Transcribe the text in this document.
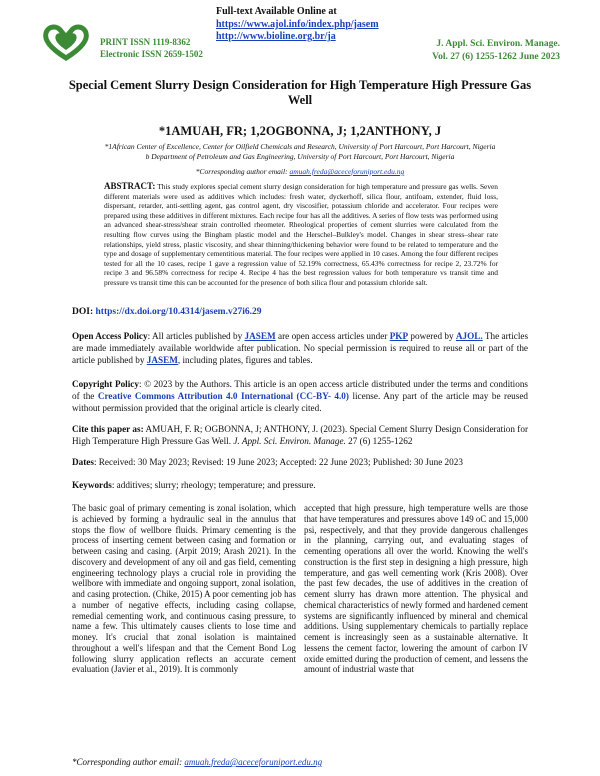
PRINT ISSN 1119-8362
Electronic ISSN 2659-1502
Full-text Available Online at
https://www.ajol.info/index.php/jasem
http://www.bioline.org.br/ja
J. Appl. Sci. Environ. Manage.
Vol. 27 (6) 1255-1262 June 2023
Special Cement Slurry Design Consideration for High Temperature High Pressure Gas Well
*1AMUAH, FR; 1,2OGBONNA, J; 1,2ANTHONY, J
*1African Center of Excellence, Center for Oilfield Chemicals and Research, University of Port Harcourt, Port Harcourt, Nigeria
b Department of Petroleum and Gas Engineering, University of Port Harcourt, Port Harcourt, Nigeria
*Corresponding author email: amuah.freda@aceceforuniport.edu.ng
ABSTRACT: This study explores special cement slurry design consideration for high temperature and pressure gas wells. Seven different materials were used as additives which includes: fresh water, dyckerhoff, silica flour, antifoam, extender, fluid loss, dispersant, retarder, anti-settling agent, gas control agent, dry viscosifier, potassium chloride and accelerator. Four recipes were prepared using these additives in different mixtures. Each recipe four has all the additives. A series of flow tests was performed using an advanced shear-stress/shear strain controlled rheometer. Rheological properties of cement slurries were calculated from the resulting flow curves using the Bingham plastic model and the Herschel–Bulkley's model. Changes in shear stress–shear rate relationships, yield stress, plastic viscosity, and shear thinning/thickening behavior were found to be related to temperature and the type and dosage of supplementary cementitious material. The four recipes were applied in 10 cases. Among the four different recipes tested for all the 10 cases, recipe 1 gave a regression value of 52.19% correctness, 65.43% correctness for recipe 2, 23.72% for recipe 3 and 96.58% correctness for recipe 4. Recipe 4 has the best regression values for both temperature vs transit time and pressure vs transit time this can be accounted for the presence of both silica flour and potassium chloride salt.
DOI: https://dx.doi.org/10.4314/jasem.v27i6.29
Open Access Policy: All articles published by JASEM are open access articles under PKP powered by AJOL. The articles are made immediately available worldwide after publication. No special permission is required to reuse all or part of the article published by JASEM, including plates, figures and tables.
Copyright Policy: © 2023 by the Authors. This article is an open access article distributed under the terms and conditions of the Creative Commons Attribution 4.0 International (CC-BY- 4.0) license. Any part of the article may be reused without permission provided that the original article is clearly cited.
Cite this paper as: AMUAH, F. R; OGBONNA, J; ANTHONY, J. (2023). Special Cement Slurry Design Consideration for High Temperature High Pressure Gas Well. J. Appl. Sci. Environ. Manage. 27 (6) 1255-1262
Dates: Received: 30 May 2023; Revised: 19 June 2023; Accepted: 22 June 2023; Published: 30 June 2023
Keywords: additives; slurry; rheology; temperature; and pressure.
The basic goal of primary cementing is zonal isolation, which is achieved by forming a hydraulic seal in the annulus that stops the flow of wellbore fluids. Primary cementing is the process of inserting cement between casing and formation or between casing and casing. (Arpit 2019; Arash 2021). In the discovery and development of any oil and gas field, cementing engineering technology plays a crucial role in providing the wellbore with immediate and ongoing support, zonal isolation, and casing protection. (Chike, 2015) A poor cementing job has a number of negative effects, including casing collapse, remedial cementing work, and continuous casing pressure, to name a few. This ultimately causes clients to lose time and money. It's crucial that zonal isolation is maintained throughout a well's lifespan and that the Cement Bond Log following slurry application reflects an accurate cement evaluation (Javier et al., 2019). It is commonly
accepted that high pressure, high temperature wells are those that have temperatures and pressures above 149 oC and 15,000 psi, respectively, and that they provide dangerous challenges in the planning, carrying out, and evaluating stages of cementing operations all over the world. Knowing the well's construction is the first step in designing a high pressure, high temperature, and gas well cementing work (Kris 2008). Over the past few decades, the use of additives in the creation of cement slurry has drawn more attention. The physical and chemical characteristics of newly formed and hardened cement systems are significantly influenced by mineral and chemical additions. Using supplementary chemicals to partially replace cement is increasingly seen as a sustainable alternative. It lessens the cement factor, lowering the amount of carbon IV oxide emitted during the production of cement, and lessens the amount of industrial waste that
*Corresponding author email: amuah.freda@aceceforuniport.edu.ng
